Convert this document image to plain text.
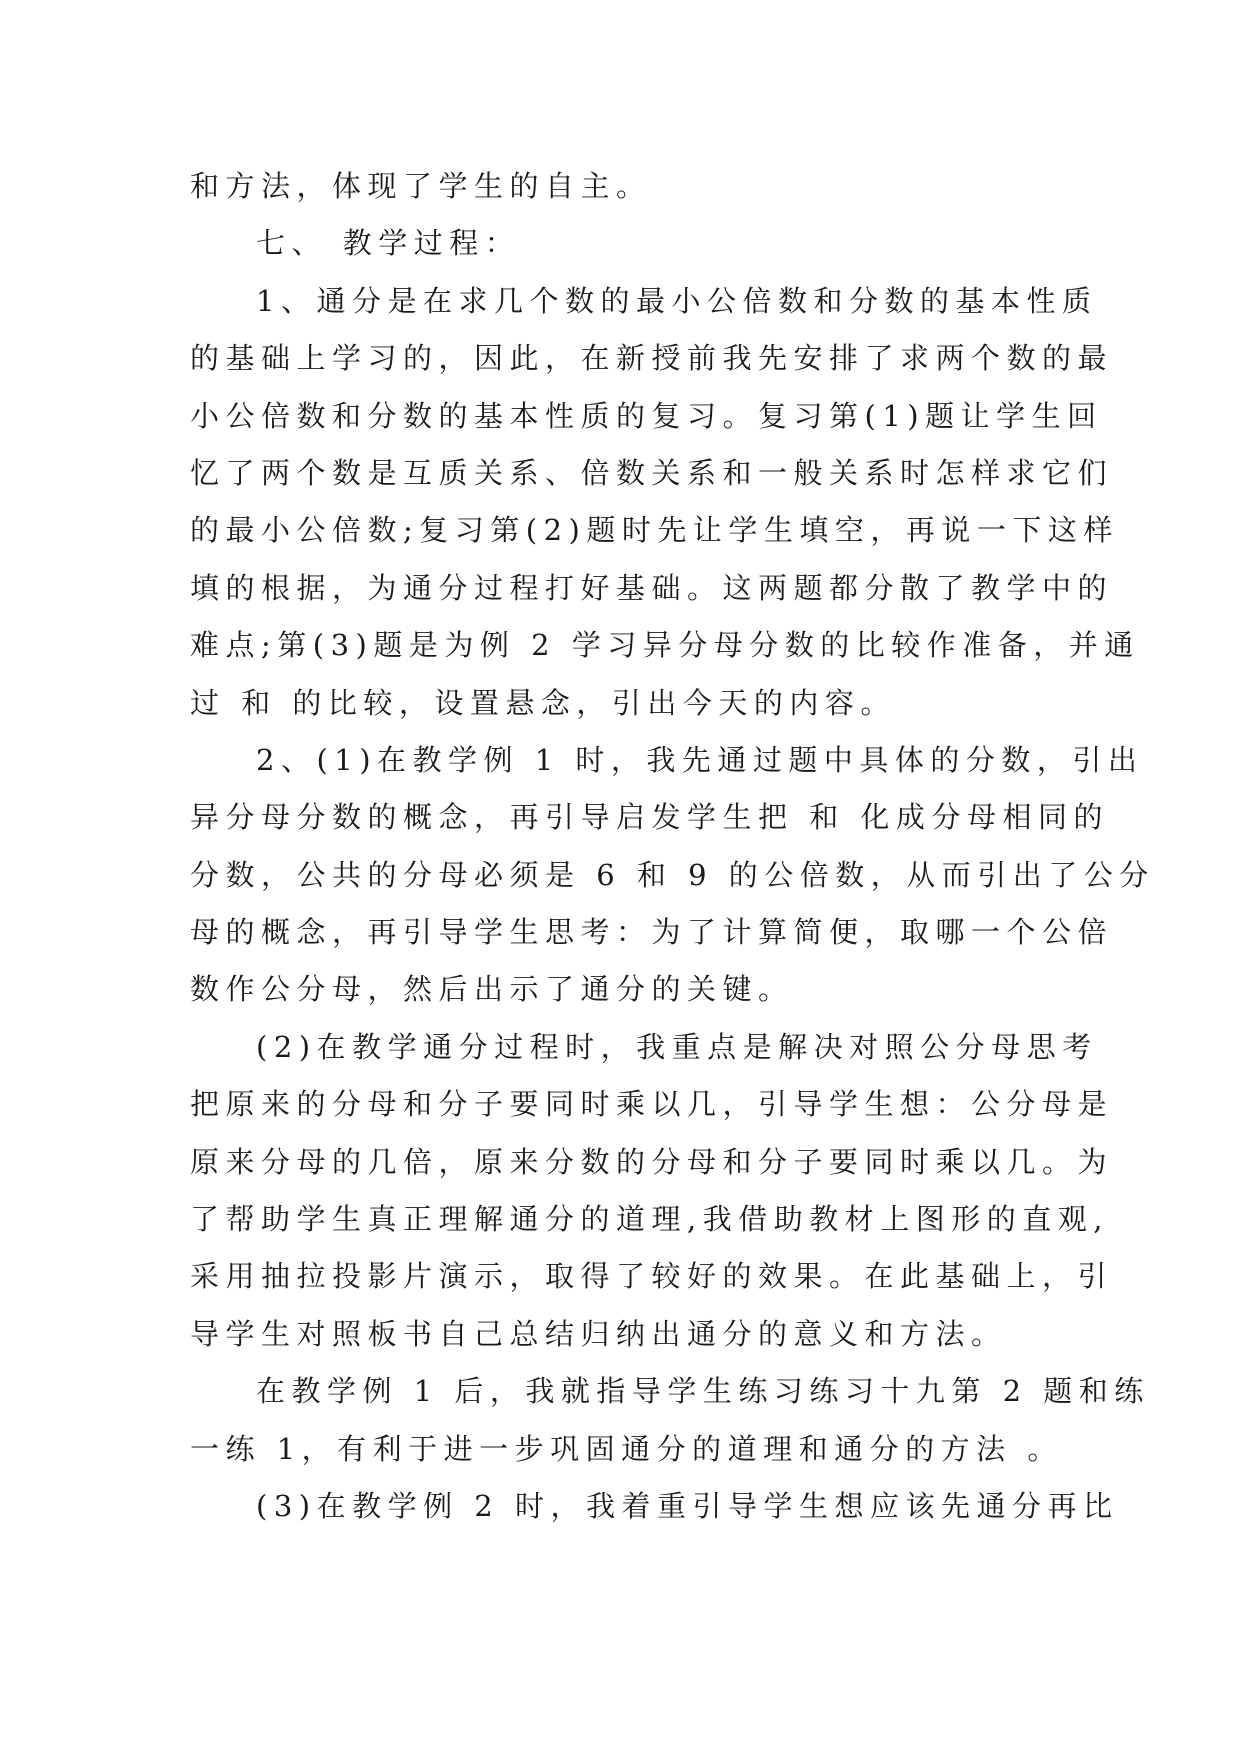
和方法，体现了学生的自主。
七、 教学过程：
1、通分是在求几个数的最小公倍数和分数的基本性质
的基础上学习的，因此，在新授前我先安排了求两个数的最
小公倍数和分数的基本性质的复习。复习第(1)题让学生回
忆了两个数是互质关系、倍数关系和一般关系时怎样求它们
的最小公倍数;复习第(2)题时先让学生填空，再说一下这样
填的根据，为通分过程打好基础。这两题都分散了教学中的
难点;第(3)题是为例 2 学习异分母分数的比较作准备，并通
过 和 的比较，设置悬念，引出今天的内容。
2、(1)在教学例 1 时，我先通过题中具体的分数，引出
异分母分数的概念，再引导启发学生把 和 化成分母相同的
分数，公共的分母必须是 6 和 9 的公倍数，从而引出了公分
母的概念，再引导学生思考：为了计算简便，取哪一个公倍
数作公分母，然后出示了通分的关键。
(2)在教学通分过程时，我重点是解决对照公分母思考
把原来的分母和分子要同时乘以几，引导学生想：公分母是
原来分母的几倍，原来分数的分母和分子要同时乘以几。为
了帮助学生真正理解通分的道理,我借助教材上图形的直观,
采用抽拉投影片演示，取得了较好的效果。在此基础上，引
导学生对照板书自己总结归纳出通分的意义和方法。
在教学例 1 后，我就指导学生练习练习十九第 2 题和练
一练 1，有利于进一步巩固通分的道理和通分的方法 。
(3)在教学例 2 时，我着重引导学生想应该先通分再比
